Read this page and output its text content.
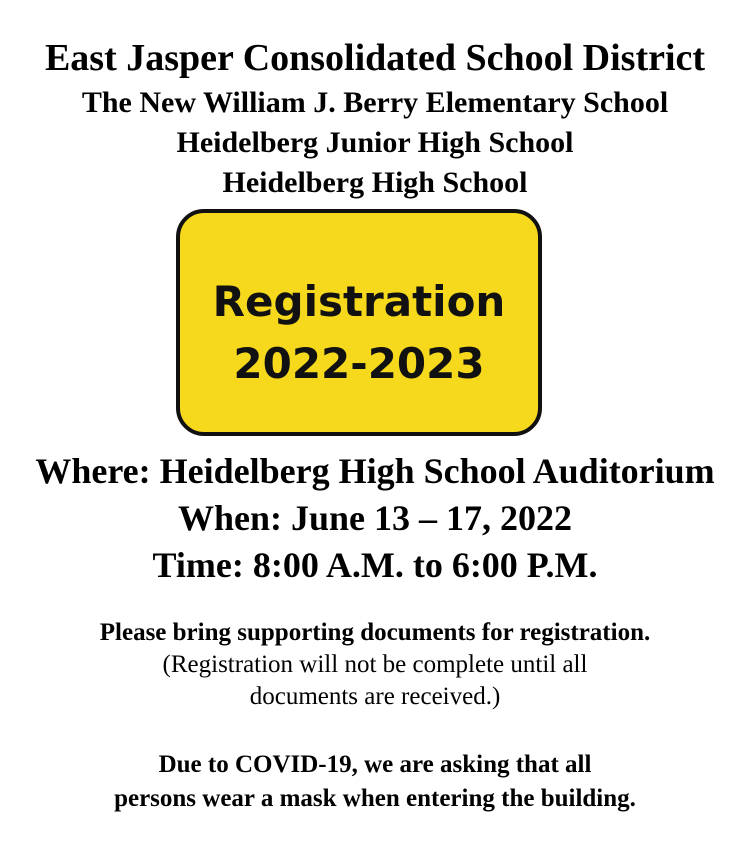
East Jasper Consolidated School District
The New William J. Berry Elementary School
Heidelberg Junior High School
Heidelberg High School
Registration
2022-2023
Where: Heidelberg High School Auditorium
When: June 13 – 17, 2022
Time: 8:00 A.M. to 6:00 P.M.
Please bring supporting documents for registration.
(Registration will not be complete until all
documents are received.)
Due to COVID-19, we are asking that all
persons wear a mask when entering the building.
